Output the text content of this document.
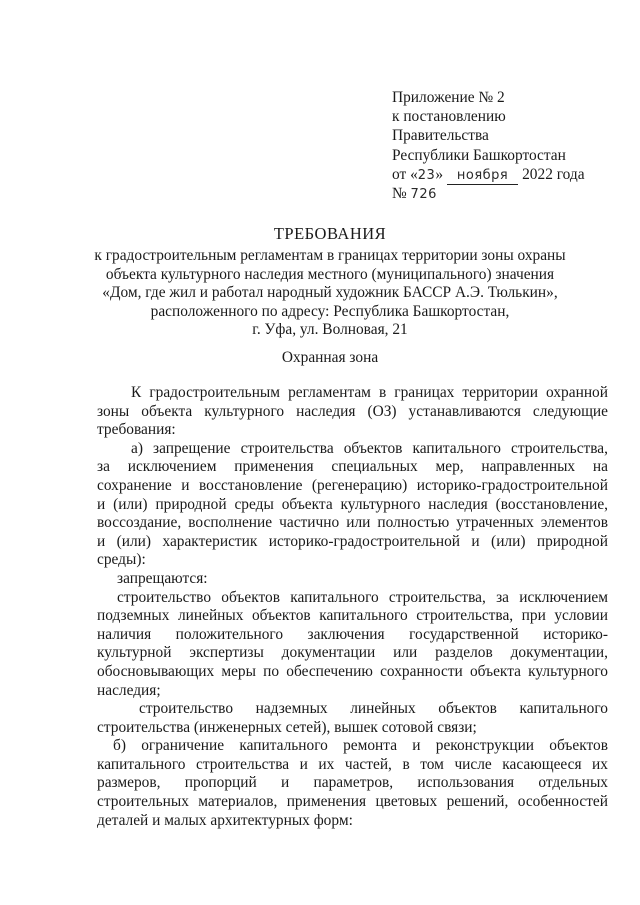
Приложение № 2
к постановлению
Правительства
Республики Башкортостан
от «23» ноября 2022 года
№ 726
ТРЕБОВАНИЯ
к градостроительным регламентам в границах территории зоны охраны
объекта культурного наследия местного (муниципального) значения
«Дом, где жил и работал народный художник БАССР А.Э. Тюлькин»,
расположенного по адресу: Республика Башкортостан,
г. Уфа, ул. Волновая, 21
Охранная зона
К градостроительным регламентам в границах территории охранной
зоны объекта культурного наследия (ОЗ) устанавливаются следующие
требования:
а) запрещение строительства объектов капитального строительства,
за исключением применения специальных мер, направленных на
сохранение и восстановление (регенерацию) историко-градостроительной
и (или) природной среды объекта культурного наследия (восстановление,
воссоздание, восполнение частично или полностью утраченных элементов
и (или) характеристик историко-градостроительной и (или) природной
среды):
запрещаются:
строительство объектов капитального строительства, за исключением
подземных линейных объектов капитального строительства, при условии
наличия положительного заключения государственной историко-
культурной экспертизы документации или разделов документации,
обосновывающих меры по обеспечению сохранности объекта культурного
наследия;
строительство надземных линейных объектов капитального
строительства (инженерных сетей), вышек сотовой связи;
б) ограничение капитального ремонта и реконструкции объектов
капитального строительства и их частей, в том числе касающееся их
размеров, пропорций и параметров, использования отдельных
строительных материалов, применения цветовых решений, особенностей
деталей и малых архитектурных форм:
